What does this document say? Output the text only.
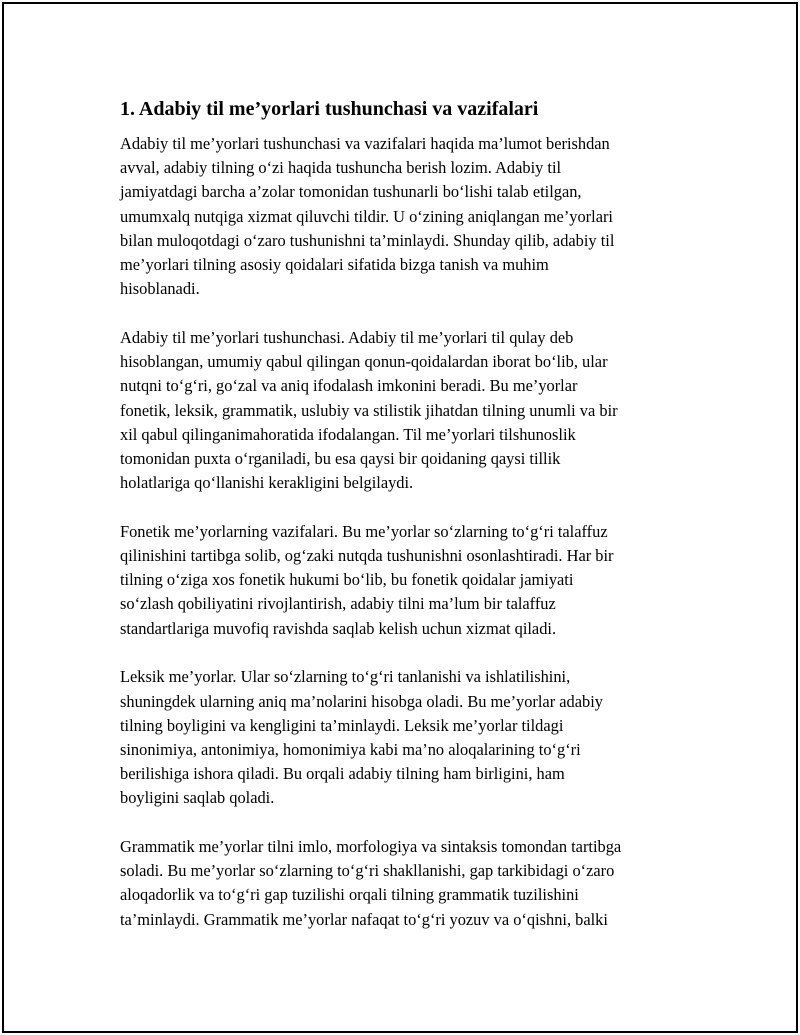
1. Adabiy til me’yorlari tushunchasi va vazifalari

Adabiy til me’yorlari tushunchasi va vazifalari haqida ma’lumot berishdan
avval, adabiy tilning o‘zi haqida tushuncha berish lozim. Adabiy til
jamiyatdagi barcha a’zolar tomonidan tushunarli bo‘lishi talab etilgan,
umumxalq nutqiga xizmat qiluvchi tildir. U o‘zining aniqlangan me’yorlari
bilan muloqotdagi o‘zaro tushunishni ta’minlaydi. Shunday qilib, adabiy til
me’yorlari tilning asosiy qoidalari sifatida bizga tanish va muhim
hisoblanadi.

Adabiy til me’yorlari tushunchasi. Adabiy til me’yorlari til qulay deb
hisoblangan, umumiy qabul qilingan qonun-qoidalardan iborat bo‘lib, ular
nutqni to‘g‘ri, go‘zal va aniq ifodalash imkonini beradi. Bu me’yorlar
fonetik, leksik, grammatik, uslubiy va stilistik jihatdan tilning unumli va bir
xil qabul qilinganimahoratida ifodalangan. Til me’yorlari tilshunoslik
tomonidan puxta o‘rganiladi, bu esa qaysi bir qoidaning qaysi tillik
holatlariga qo‘llanishi kerakligini belgilaydi.

Fonetik me’yorlarning vazifalari. Bu me’yorlar so‘zlarning to‘g‘ri talaffuz
qilinishini tartibga solib, og‘zaki nutqda tushunishni osonlashtiradi. Har bir
tilning o‘ziga xos fonetik hukumi bo‘lib, bu fonetik qoidalar jamiyati
so‘zlash qobiliyatini rivojlantirish, adabiy tilni ma’lum bir talaffuz
standartlariga muvofiq ravishda saqlab kelish uchun xizmat qiladi.

Leksik me’yorlar. Ular so‘zlarning to‘g‘ri tanlanishi va ishlatilishini,
shuningdek ularning aniq ma’nolarini hisobga oladi. Bu me’yorlar adabiy
tilning boyligini va kengligini ta’minlaydi. Leksik me’yorlar tildagi
sinonimiya, antonimiya, homonimiya kabi ma’no aloqalarining to‘g‘ri
berilishiga ishora qiladi. Bu orqali adabiy tilning ham birligini, ham
boyligini saqlab qoladi.

Grammatik me’yorlar tilni imlo, morfologiya va sintaksis tomondan tartibga
soladi. Bu me’yorlar so‘zlarning to‘g‘ri shakllanishi, gap tarkibidagi o‘zaro
aloqadorlik va to‘g‘ri gap tuzilishi orqali tilning grammatik tuzilishini
ta’minlaydi. Grammatik me’yorlar nafaqat to‘g‘ri yozuv va o‘qishni, balki
